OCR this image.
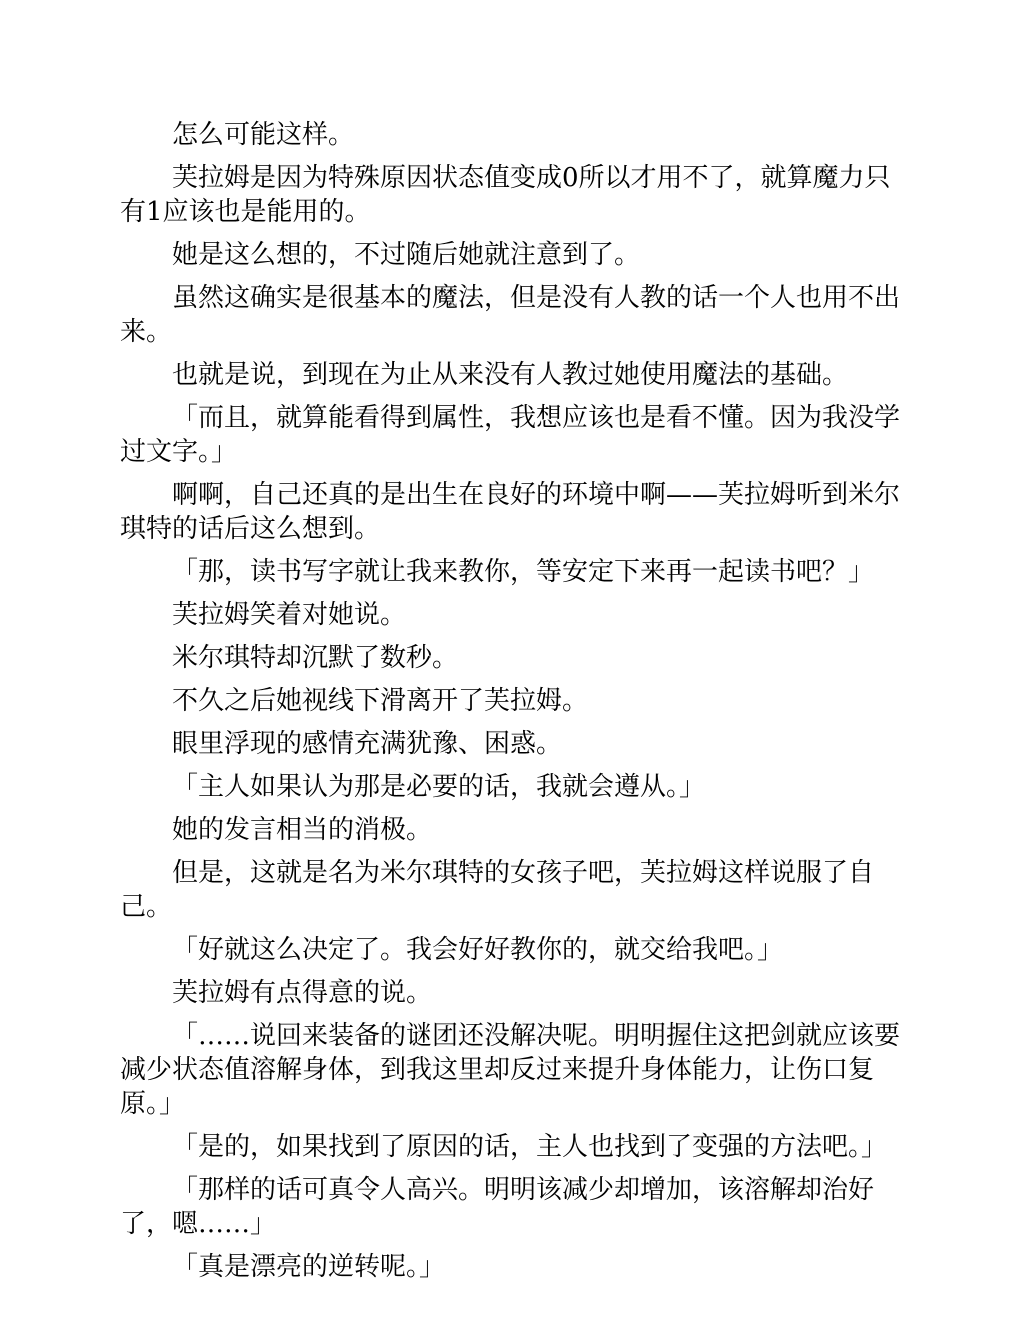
怎么可能这样。

芙拉姆是因为特殊原因状态值变成0所以才用不了，就算魔力只有1应该也是能用的。

她是这么想的，不过随后她就注意到了。

虽然这确实是很基本的魔法，但是没有人教的话一个人也用不出来。

也就是说，到现在为止从来没有人教过她使用魔法的基础。

「而且，就算能看得到属性，我想应该也是看不懂。因为我没学过文字。」

啊啊，自己还真的是出生在良好的环境中啊——芙拉姆听到米尔琪特的话后这么想到。

「那，读书写字就让我来教你，等安定下来再一起读书吧？」

芙拉姆笑着对她说。

米尔琪特却沉默了数秒。

不久之后她视线下滑离开了芙拉姆。

眼里浮现的感情充满犹豫、困惑。

「主人如果认为那是必要的话，我就会遵从。」

她的发言相当的消极。

但是，这就是名为米尔琪特的女孩子吧，芙拉姆这样说服了自己。

「好就这么决定了。我会好好教你的，就交给我吧。」

芙拉姆有点得意的说。

「……说回来装备的谜团还没解决呢。明明握住这把剑就应该要减少状态值溶解身体，到我这里却反过来提升身体能力，让伤口复原。」

「是的，如果找到了原因的话，主人也找到了变强的方法吧。」

「那样的话可真令人高兴。明明该减少却增加，该溶解却治好了，嗯……」

「真是漂亮的逆转呢。」
